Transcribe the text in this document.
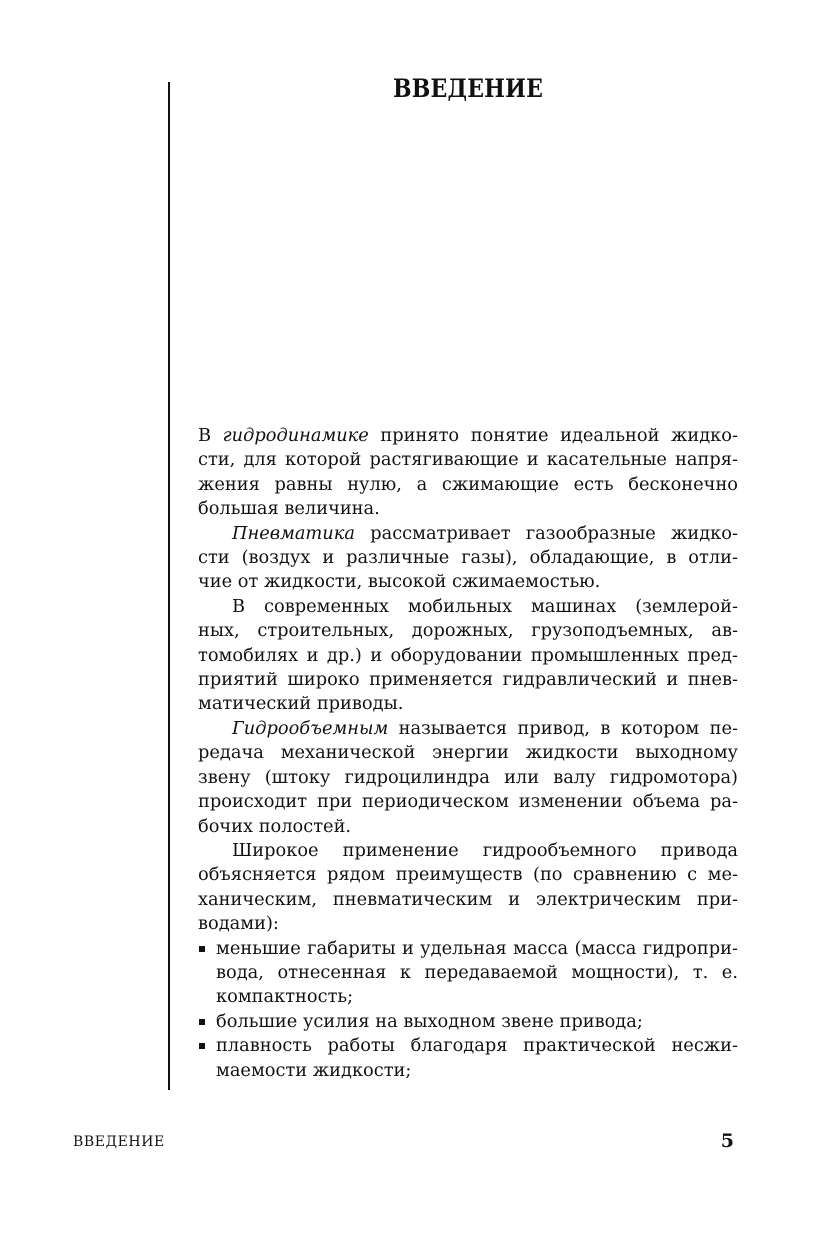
ВВЕДЕНИЕ
В гидродинамике принято понятие идеальной жидко-
сти, для которой растягивающие и касательные напря-
жения равны нулю, а сжимающие есть бесконечно
большая величина.
Пневматика рассматривает газообразные жидко-
сти (воздух и различные газы), обладающие, в отли-
чие от жидкости, высокой сжимаемостью.
В современных мобильных машинах (землерой-
ных, строительных, дорожных, грузоподъемных, ав-
томобилях и др.) и оборудовании промышленных пред-
приятий широко применяется гидравлический и пнев-
матический приводы.
Гидрообъемным называется привод, в котором пе-
редача механической энергии жидкости выходному
звену (штоку гидроцилиндра или валу гидромотора)
происходит при периодическом изменении объема ра-
бочих полостей.
Широкое применение гидрообъемного привода
объясняется рядом преимуществ (по сравнению с ме-
ханическим, пневматическим и электрическим при-
водами):
меньшие габариты и удельная масса (масса гидропри-
вода, отнесенная к передаваемой мощности), т. е.
компактность;
большие усилия на выходном звене привода;
плавность работы благодаря практической несжи-
маемости жидкости;
ВВЕДЕНИЕ	5
